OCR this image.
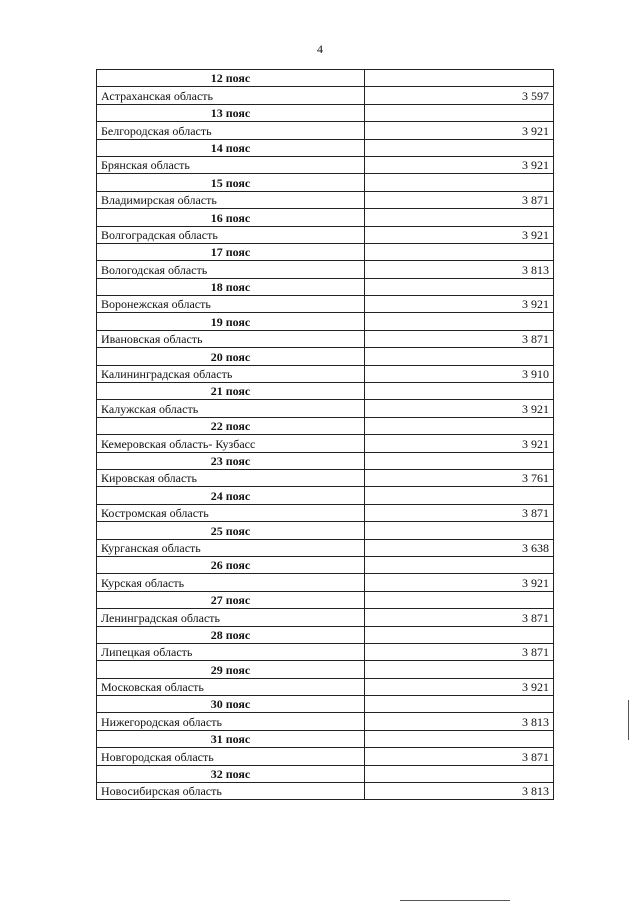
4
12 пояс	
Астраханская область	3 597
13 пояс	
Белгородская область	3 921
14 пояс	
Брянская область	3 921
15 пояс	
Владимирская область	3 871
16 пояс	
Волгоградская область	3 921
17 пояс	
Вологодская область	3 813
18 пояс	
Воронежская область	3 921
19 пояс	
Ивановская область	3 871
20 пояс	
Калининградская область	3 910
21 пояс	
Калужская область	3 921
22 пояс	
Кемеровская область- Кузбасс	3 921
23 пояс	
Кировская область	3 761
24 пояс	
Костромская область	3 871
25 пояс	
Курганская область	3 638
26 пояс	
Курская область	3 921
27 пояс	
Ленинградская область	3 871
28 пояс	
Липецкая область	3 871
29 пояс	
Московская область	3 921
30 пояс	
Нижегородская область	3 813
31 пояс	
Новгородская область	3 871
32 пояс	
Новосибирская область	3 813
